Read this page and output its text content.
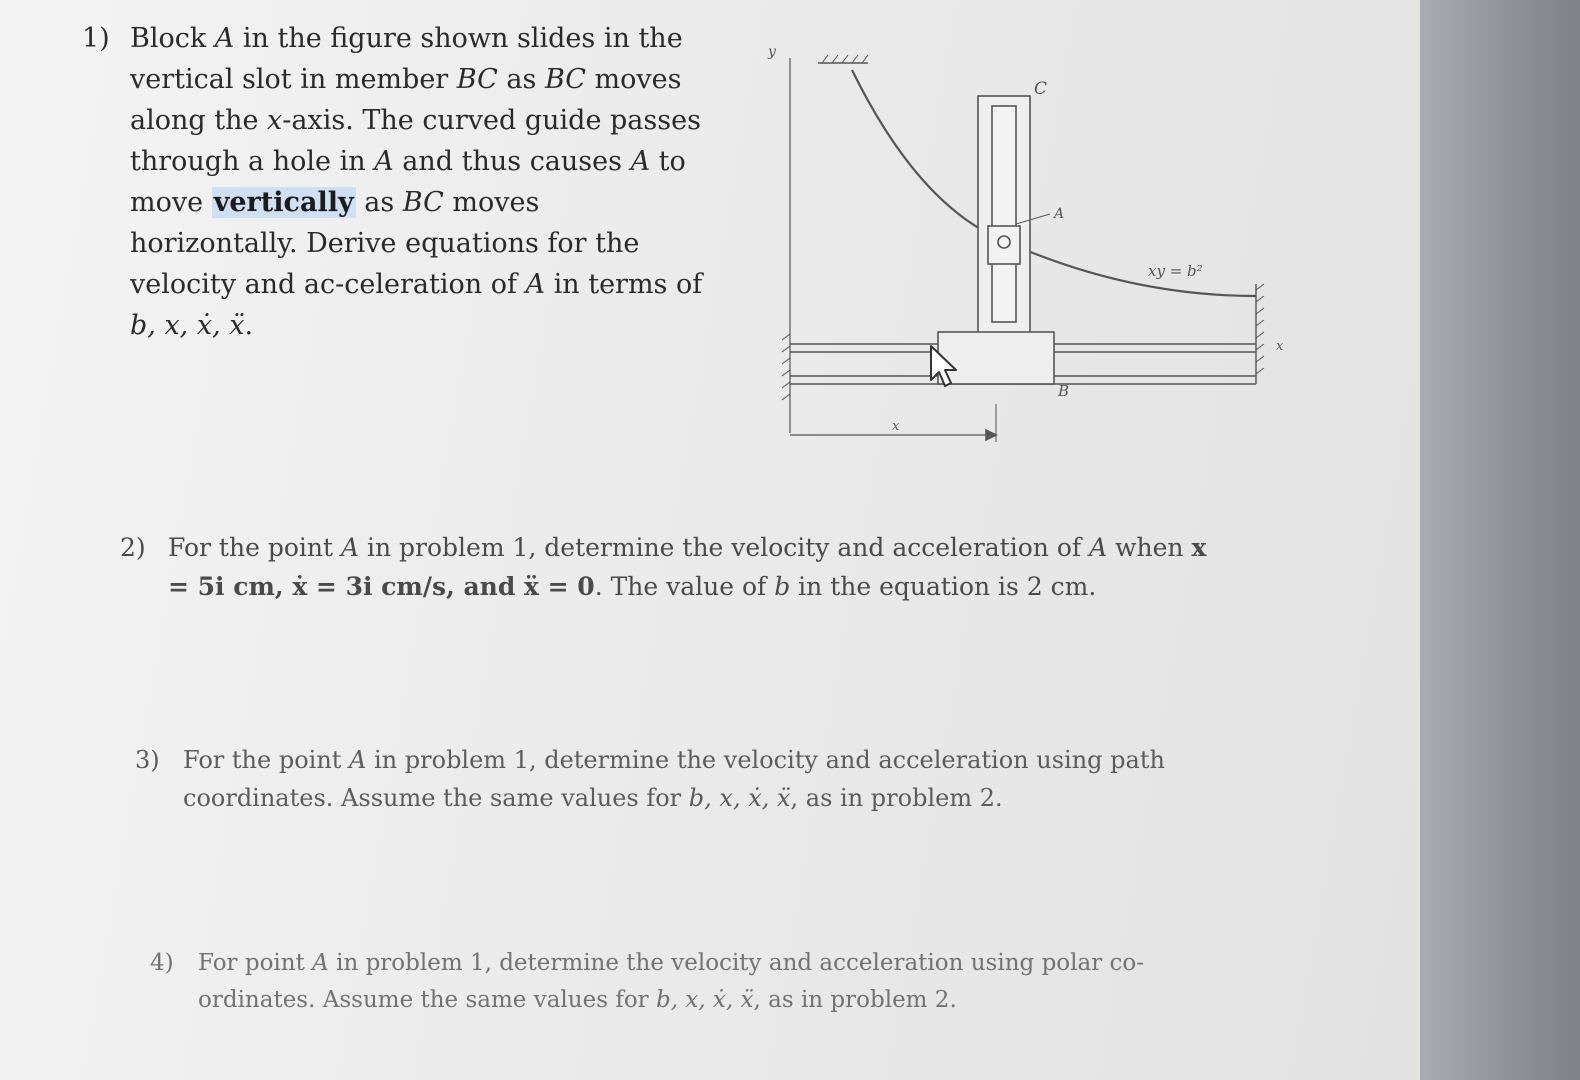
1) Block A in the figure shown slides in the vertical slot in member BC as BC moves along the x-axis. The curved guide passes through a hole in A and thus causes A to move vertically as BC moves horizontally. Derive equations for the velocity and ac-celeration of A in terms of b, x, ẋ, ẍ.

y
C
A
xy = b²
B
x
x

2) For the point A in problem 1, determine the velocity and acceleration of A when x = 5i cm, ẋ = 3i cm/s, and ẍ = 0. The value of b in the equation is 2 cm.

3) For the point A in problem 1, determine the velocity and acceleration using path coordinates. Assume the same values for b, x, ẋ, ẍ, as in problem 2.

4) For point A in problem 1, determine the velocity and acceleration using polar co-ordinates. Assume the same values for b, x, ẋ, ẍ, as in problem 2.
